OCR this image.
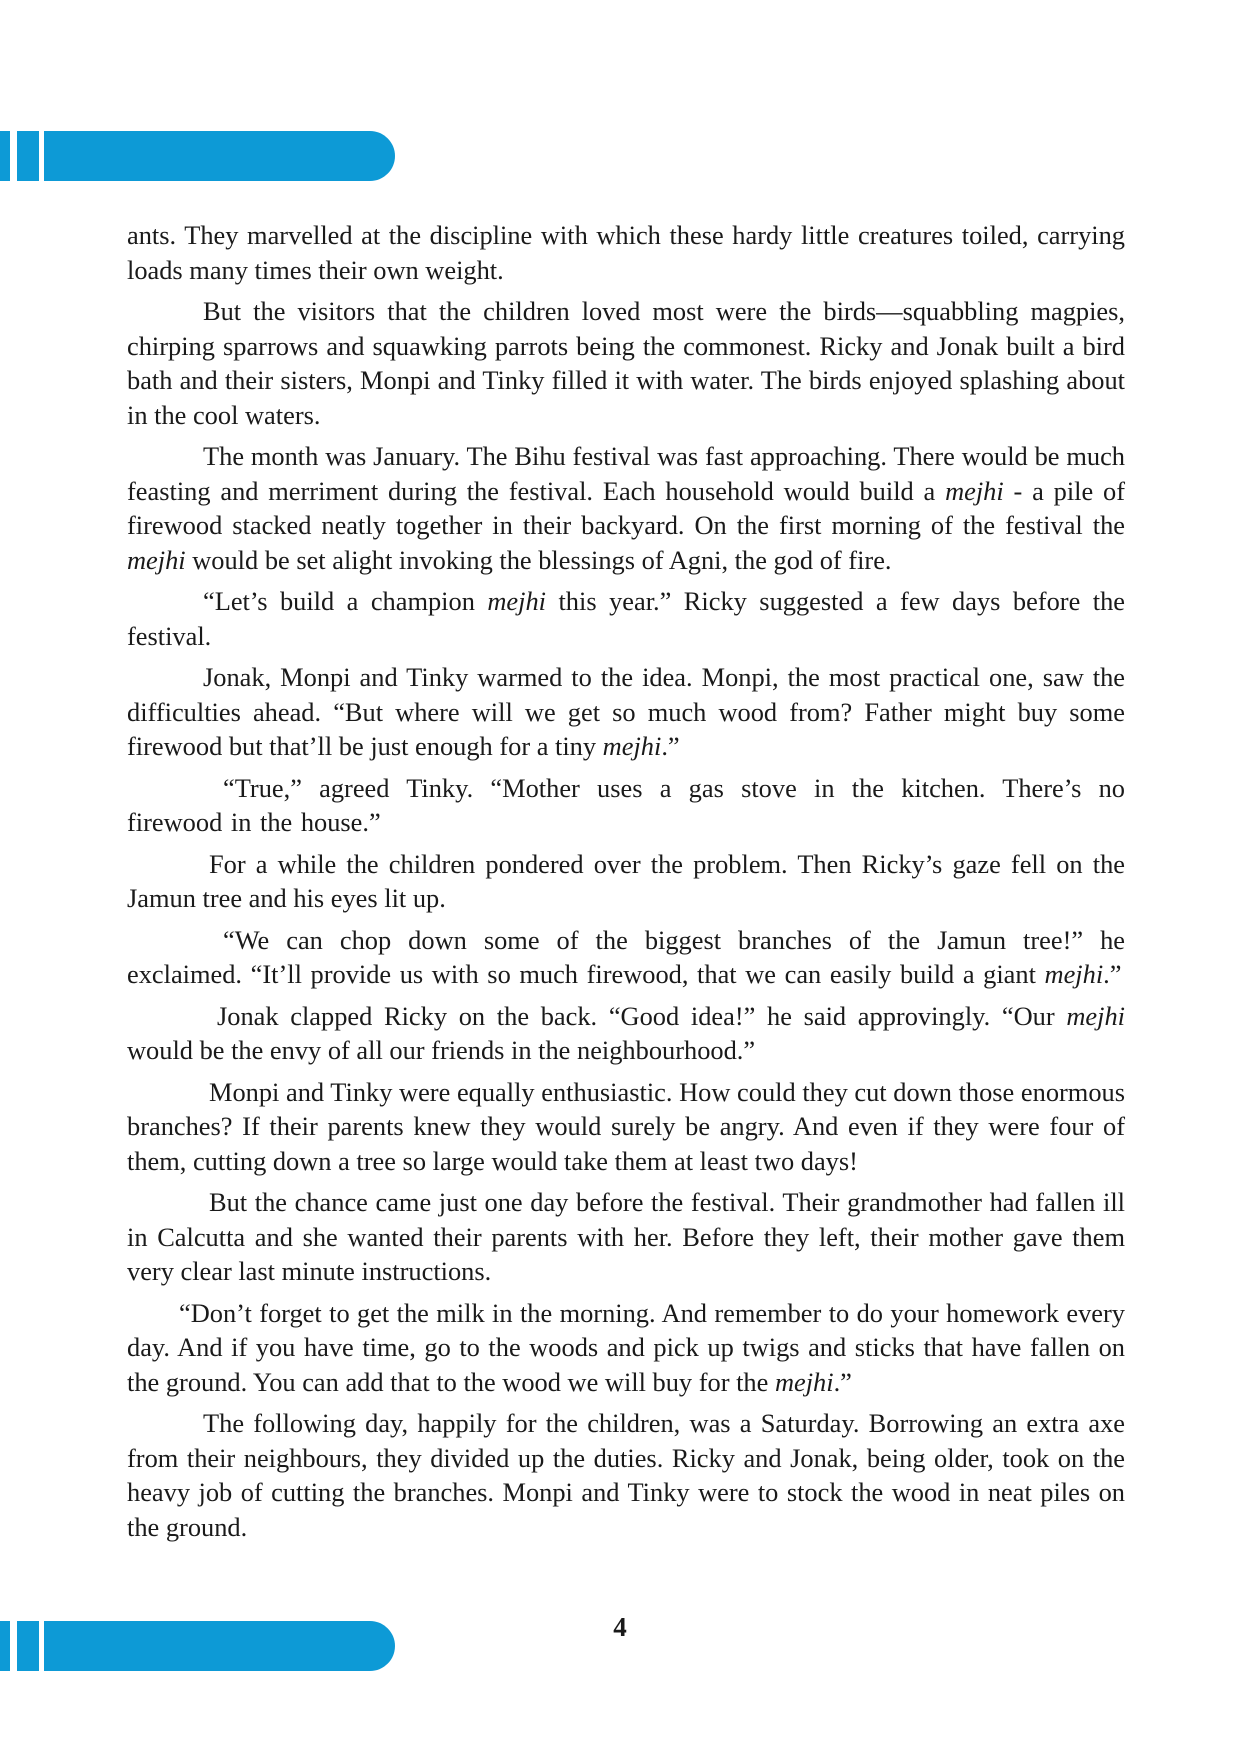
ants. They marvelled at the discipline with which these hardy little creatures toiled, carrying loads many times their own weight.

But the visitors that the children loved most were the birds—squabbling magpies, chirping sparrows and squawking parrots being the commonest. Ricky and Jonak built a bird bath and their sisters, Monpi and Tinky filled it with water. The birds enjoyed splashing about in the cool waters.

The month was January. The Bihu festival was fast approaching. There would be much feasting and merriment during the festival. Each household would build a mejhi - a pile of firewood stacked neatly together in their backyard. On the first morning of the festival the mejhi would be set alight invoking the blessings of Agni, the god of fire.

“Let’s build a champion mejhi this year.” Ricky suggested a few days before the festival.

Jonak, Monpi and Tinky warmed to the idea. Monpi, the most practical one, saw the difficulties ahead. “But where will we get so much wood from? Father might buy some firewood but that’ll be just enough for a tiny mejhi.”

“True,” agreed Tinky. “Mother uses a gas stove in the kitchen. There’s no firewood in the house.”

For a while the children pondered over the problem. Then Ricky’s gaze fell on the Jamun tree and his eyes lit up.

“We can chop down some of the biggest branches of the Jamun tree!” he exclaimed. “It’ll provide us with so much firewood, that we can easily build a giant mejhi.”

Jonak clapped Ricky on the back. “Good idea!” he said approvingly. “Our mejhi would be the envy of all our friends in the neighbourhood.”

Monpi and Tinky were equally enthusiastic. How could they cut down those enormous branches? If their parents knew they would surely be angry. And even if they were four of them, cutting down a tree so large would take them at least two days!

But the chance came just one day before the festival. Their grandmother had fallen ill in Calcutta and she wanted their parents with her. Before they left, their mother gave them very clear last minute instructions.

“Don’t forget to get the milk in the morning. And remember to do your homework every day. And if you have time, go to the woods and pick up twigs and sticks that have fallen on the ground. You can add that to the wood we will buy for the mejhi.”

The following day, happily for the children, was a Saturday. Borrowing an extra axe from their neighbours, they divided up the duties. Ricky and Jonak, being older, took on the heavy job of cutting the branches. Monpi and Tinky were to stock the wood in neat piles on the ground.

4
